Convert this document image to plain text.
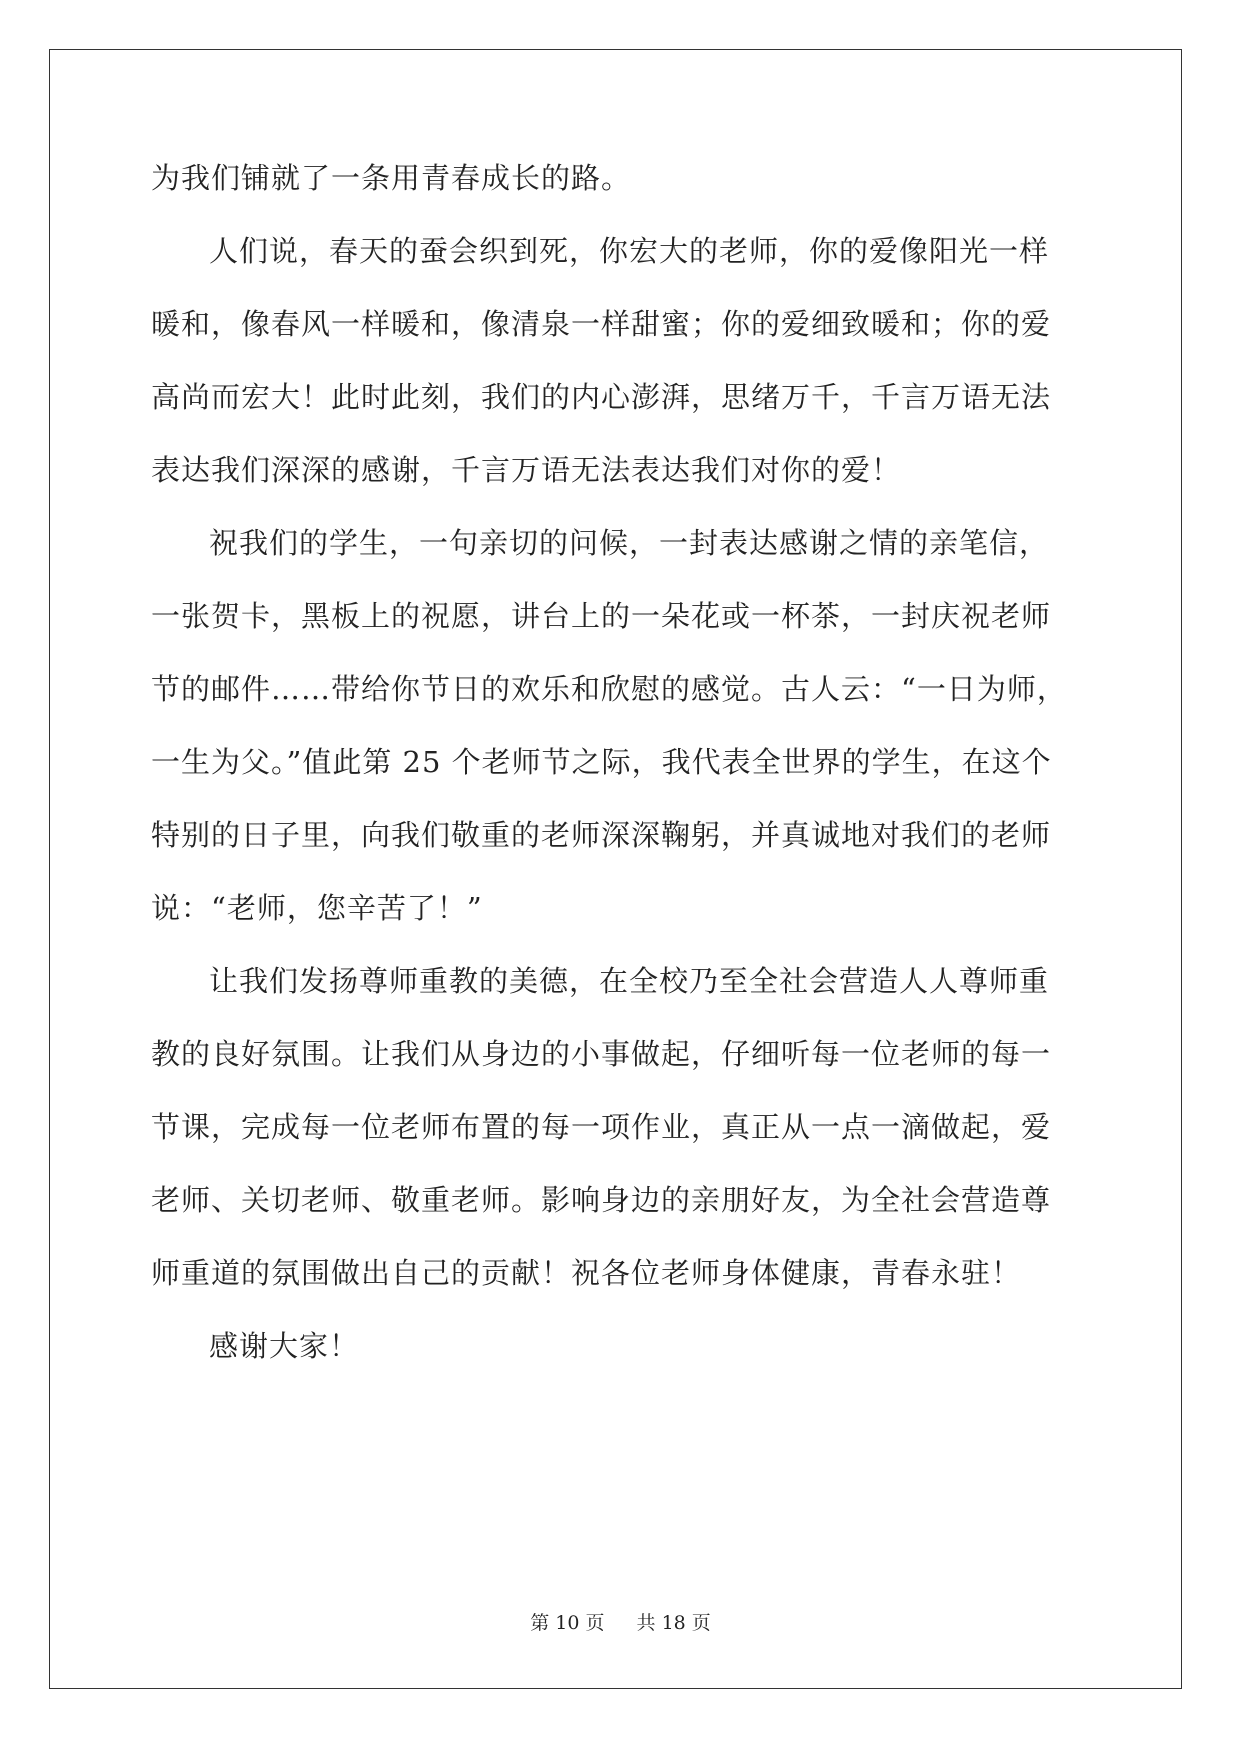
为我们铺就了一条用青春成长的路。
人们说，春天的蚕会织到死，你宏大的老师，你的爱像阳光一样
暖和，像春风一样暖和，像清泉一样甜蜜；你的爱细致暖和；你的爱
高尚而宏大！此时此刻，我们的内心澎湃，思绪万千，千言万语无法
表达我们深深的感谢，千言万语无法表达我们对你的爱！
祝我们的学生，一句亲切的问候，一封表达感谢之情的亲笔信，
一张贺卡，黑板上的祝愿，讲台上的一朵花或一杯茶，一封庆祝老师
节的邮件……带给你节日的欢乐和欣慰的感觉。古人云：“一日为师，
一生为父。”值此第 25 个老师节之际，我代表全世界的学生，在这个
特别的日子里，向我们敬重的老师深深鞠躬，并真诚地对我们的老师
说：“老师，您辛苦了！”
让我们发扬尊师重教的美德，在全校乃至全社会营造人人尊师重
教的良好氛围。让我们从身边的小事做起，仔细听每一位老师的每一
节课，完成每一位老师布置的每一项作业，真正从一点一滴做起，爱
老师、关切老师、敬重老师。影响身边的亲朋好友，为全社会营造尊
师重道的氛围做出自己的贡献！祝各位老师身体健康，青春永驻！
感谢大家！
第 10 页 共 18 页
